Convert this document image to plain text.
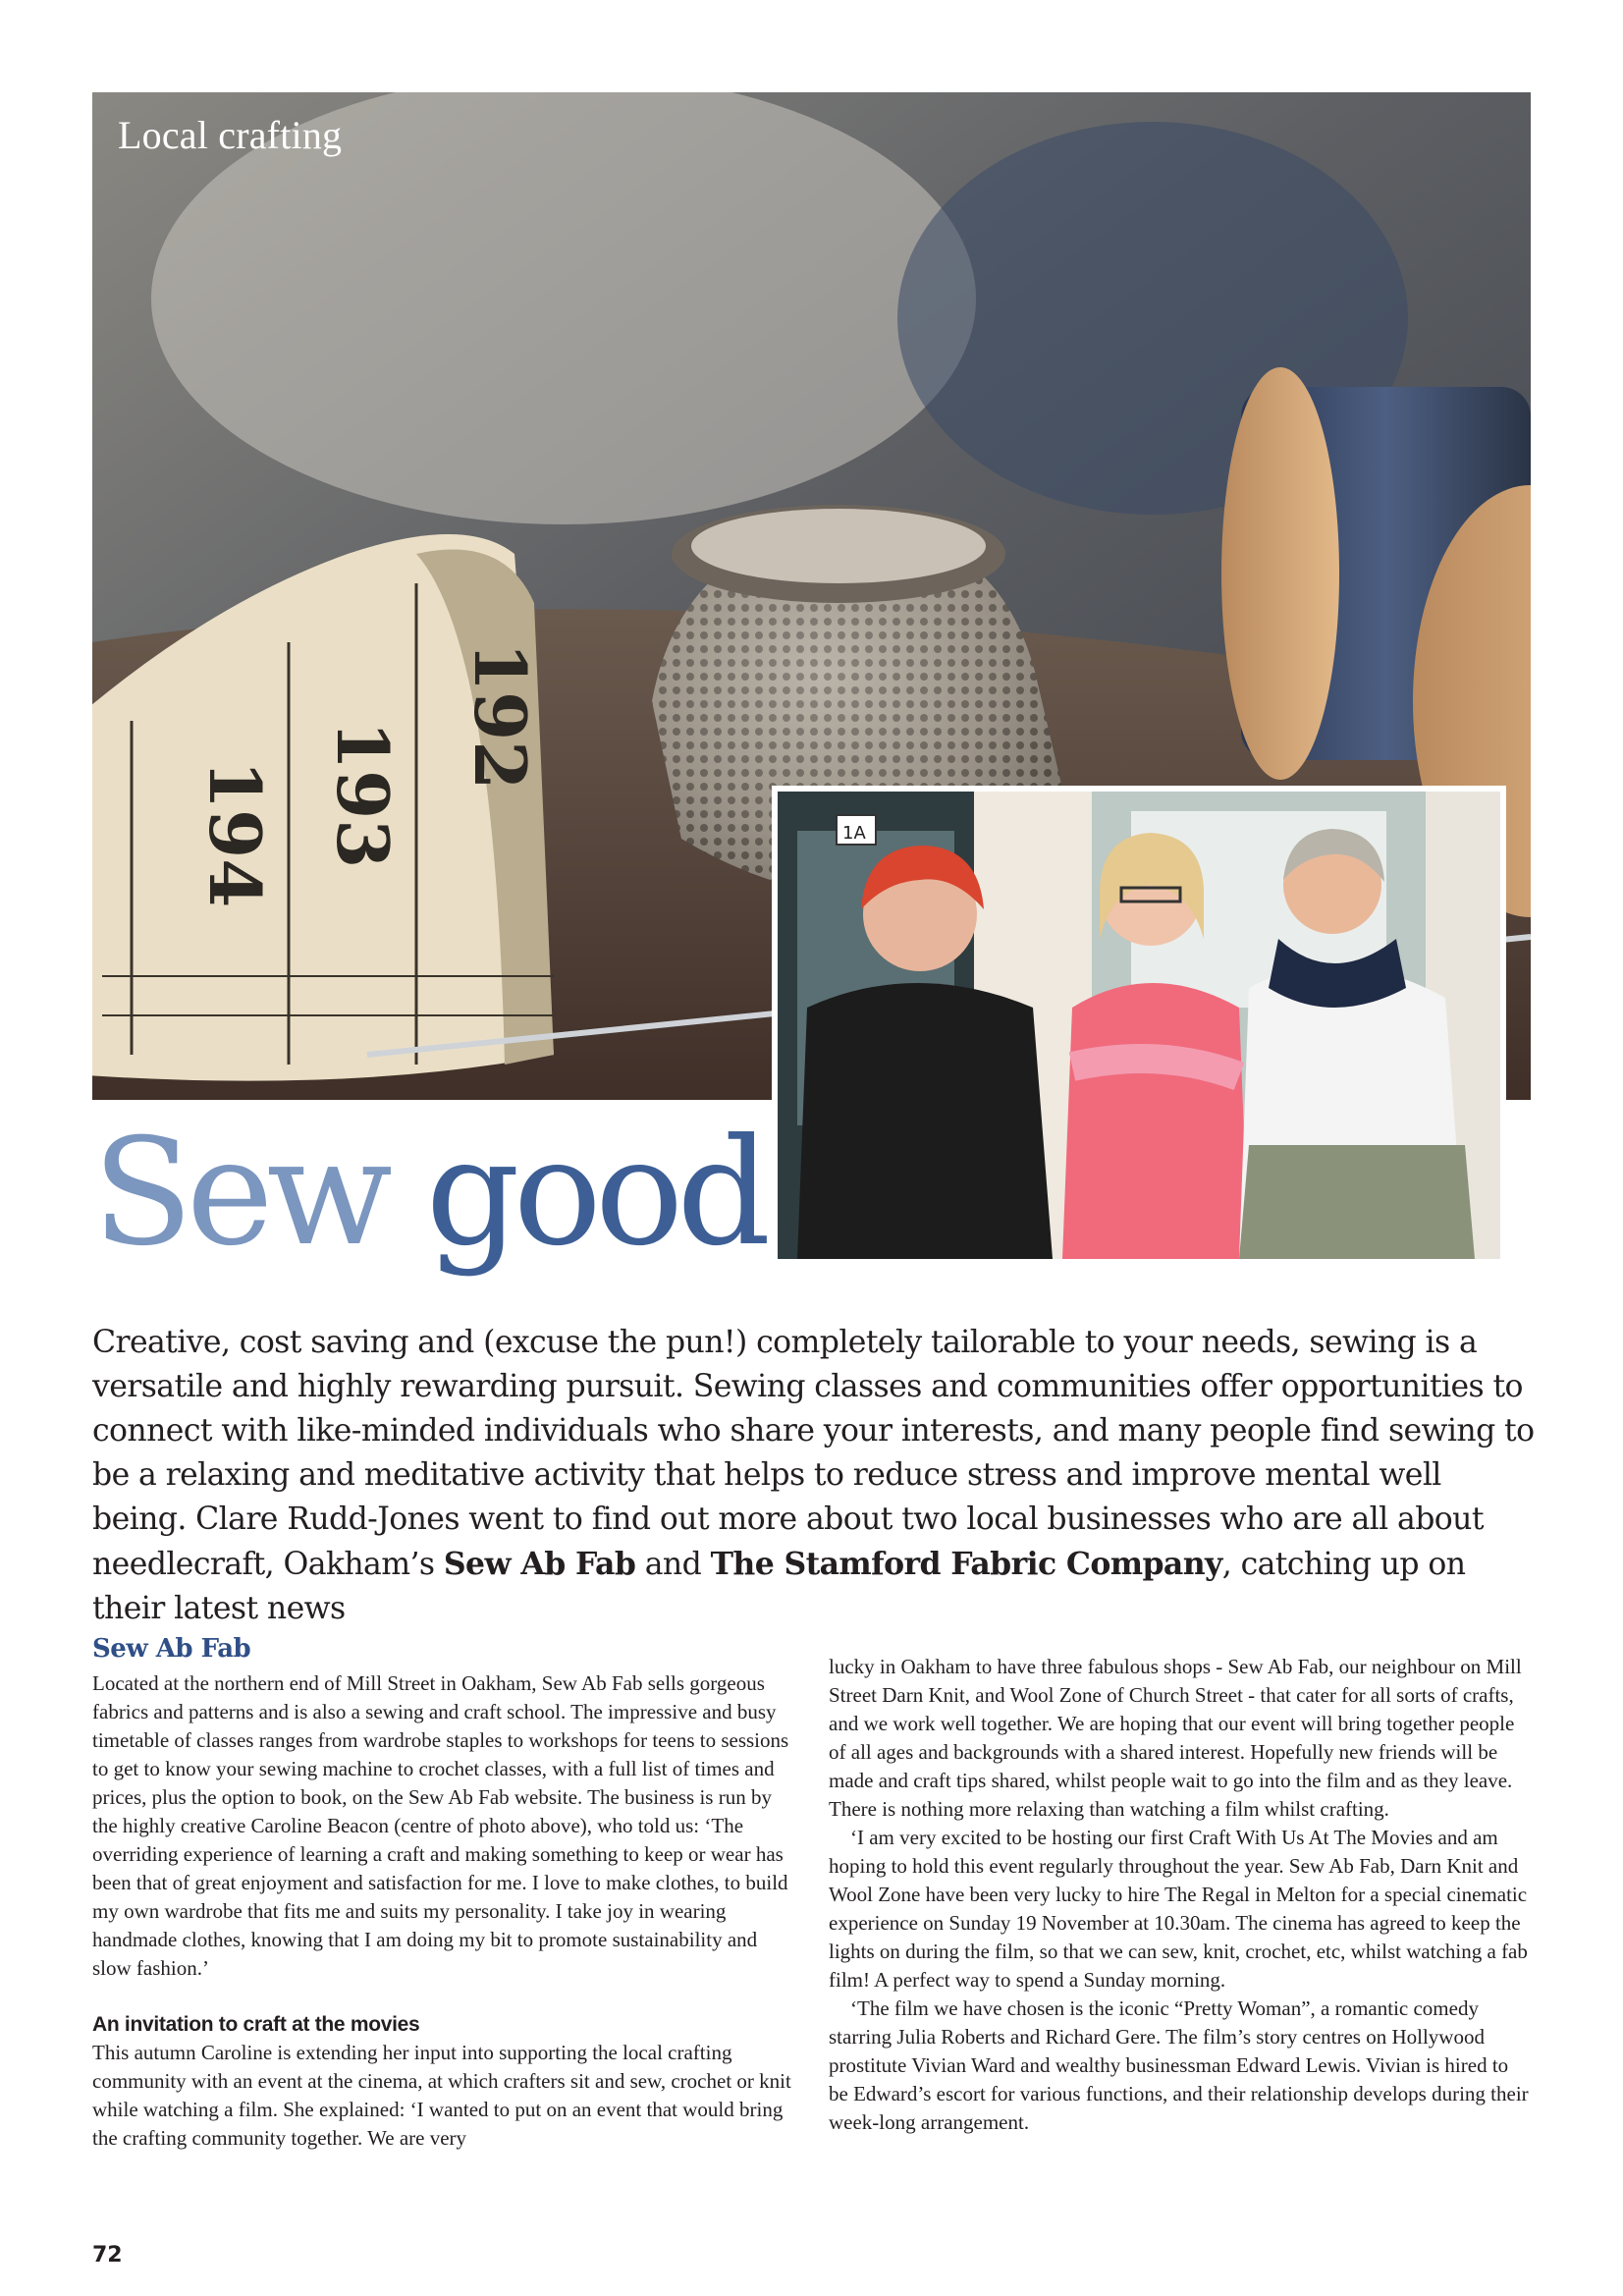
194 193
192

Local crafting

1A
Sew good

Creative, cost saving and (excuse the pun!) completely tailorable to your needs, sewing is a versatile and highly rewarding pursuit. Sewing classes and communities offer opportunities to connect with like-minded individuals who share your interests, and many people find sewing to be a relaxing and meditative activity that helps to reduce stress and improve mental well being. Clare Rudd-Jones went to find out more about two local businesses who are all about needlecraft, Oakham’s Sew Ab Fab and The Stamford Fabric Company, catching up on their latest news

Sew Ab Fab

Located at the northern end of Mill Street in Oakham, Sew Ab Fab sells gorgeous fabrics and patterns and is also a sewing and craft school. The impressive and busy timetable of classes ranges from wardrobe staples to workshops for teens to sessions to get to know your sewing machine to crochet classes, with a full list of times and prices, plus the option to book, on the Sew Ab Fab website. The business is run by the highly creative Caroline Beacon (centre of photo above), who told us: ‘The overriding experience of learning a craft and making something to keep or wear has been that of great enjoyment and satisfaction for me. I love to make clothes, to build my own wardrobe that fits me and suits my personality. I take joy in wearing handmade clothes, knowing that I am doing my bit to promote sustainability and slow fashion.’

An invitation to craft at the movies

This autumn Caroline is extending her input into supporting the local crafting community with an event at the cinema, at which crafters sit and sew, crochet or knit while watching a film. She explained: ‘I wanted to put on an event that would bring the crafting community together. We are very

lucky in Oakham to have three fabulous shops - Sew Ab Fab, our neighbour on Mill Street Darn Knit, and Wool Zone of Church Street - that cater for all sorts of crafts, and we work well together. We are hoping that our event will bring together people of all ages and backgrounds with a shared interest. Hopefully new friends will be made and craft tips shared, whilst people wait to go into the film and as they leave. There is nothing more relaxing than watching a film whilst crafting.

‘I am very excited to be hosting our first Craft With Us At The Movies and am hoping to hold this event regularly throughout the year. Sew Ab Fab, Darn Knit and Wool Zone have been very lucky to hire The Regal in Melton for a special cinematic experience on Sunday 19 November at 10.30am. The cinema has agreed to keep the lights on during the film, so that we can sew, knit, crochet, etc, whilst watching a fab film! A perfect way to spend a Sunday morning.

‘The film we have chosen is the iconic “Pretty Woman”, a romantic comedy starring Julia Roberts and Richard Gere. The film’s story centres on Hollywood prostitute Vivian Ward and wealthy businessman Edward Lewis. Vivian is hired to be Edward’s escort for various functions, and their relationship develops during their week-long arrangement.

72
